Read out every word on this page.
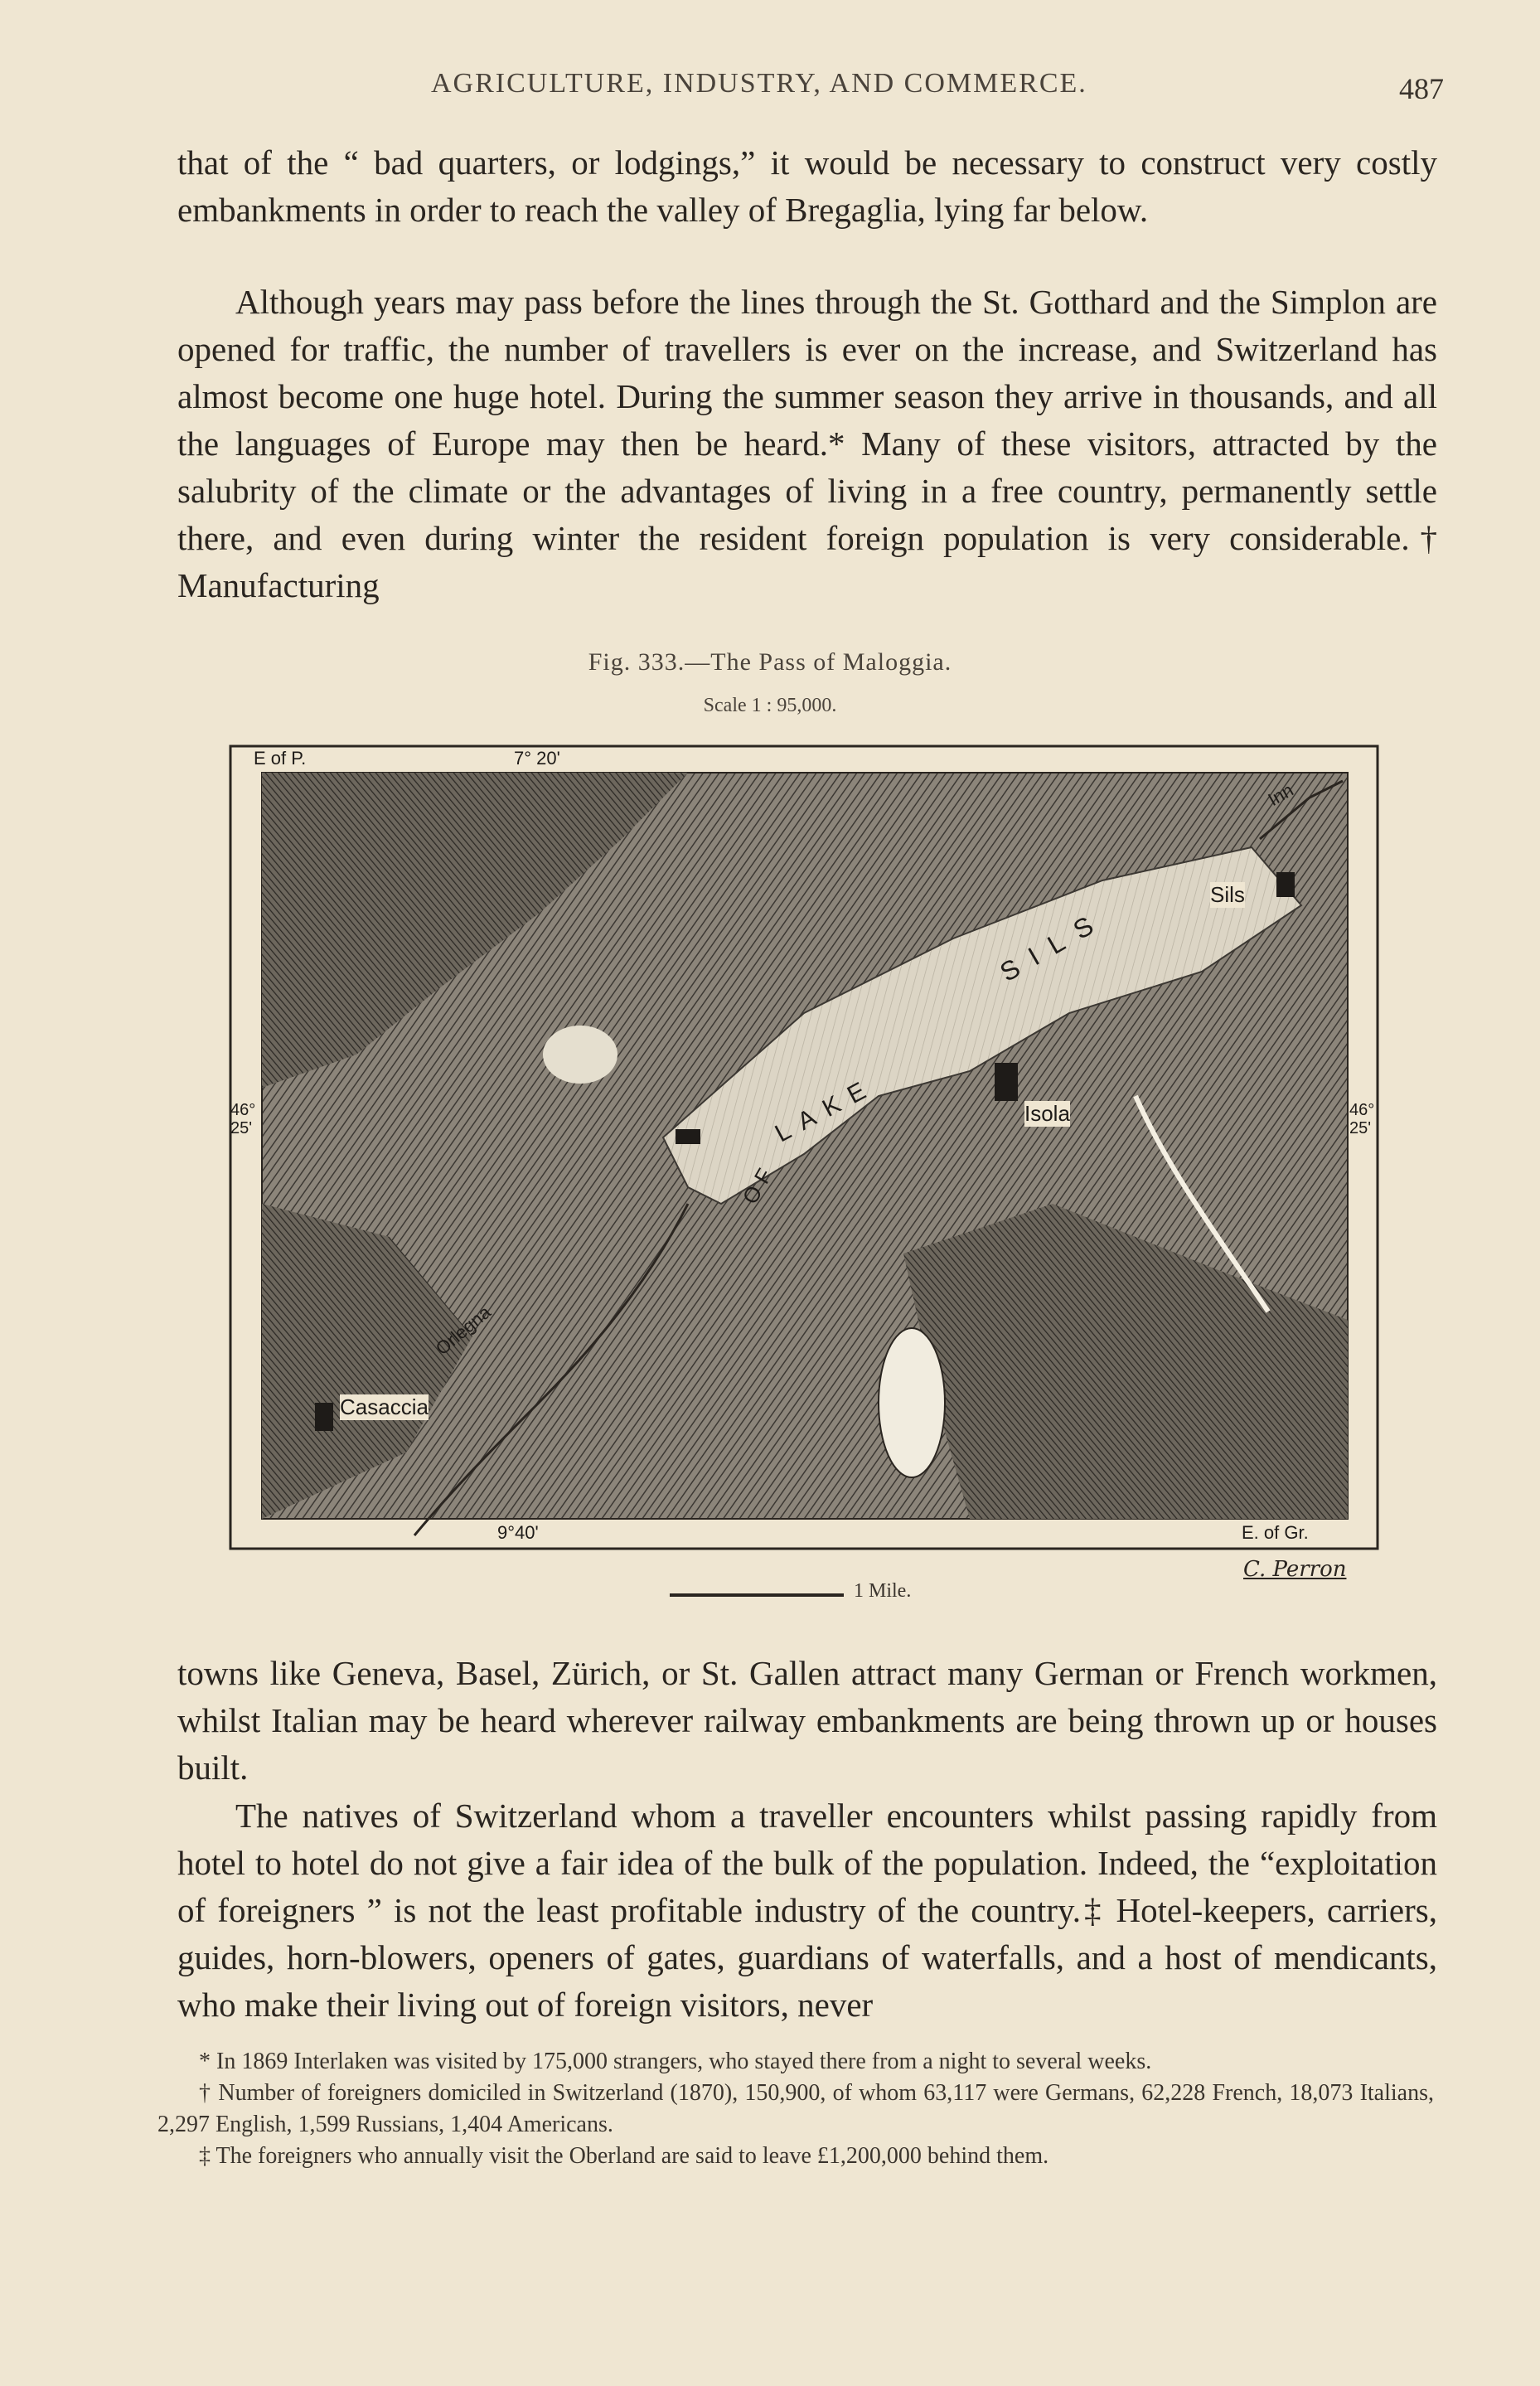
AGRICULTURE, INDUSTRY, AND COMMERCE.	487
that of the “ bad quarters, or lodgings,” it would be necessary to construct very costly embankments in order to reach the valley of Bregaglia, lying far below.
Although years may pass before the lines through the St. Gotthard and the Simplon are opened for traffic, the number of travellers is ever on the increase, and Switzerland has almost become one huge hotel. During the summer season they arrive in thousands, and all the languages of Europe may then be heard.* Many of these visitors, attracted by the salubrity of the climate or the advantages of living in a free country, permanently settle there, and even during winter the resident foreign population is very considerable.† Manufacturing
Fig. 333.—The Pass of Maloggia.
Scale 1 : 95,000.
E of P.	7° 20'
9°40'	E. of Gr.
46°
25'
46°
25'
Inn
Sils
Isola
LAKE
OF
SILS
Casaccia
Orlegna
C. Perron
1 Mile.
towns like Geneva, Basel, Zürich, or St. Gallen attract many German or French workmen, whilst Italian may be heard wherever railway embankments are being thrown up or houses built.
The natives of Switzerland whom a traveller encounters whilst passing rapidly from hotel to hotel do not give a fair idea of the bulk of the population. Indeed, the “exploitation of foreigners ” is not the least profitable industry of the country.‡ Hotel-keepers, carriers, guides, horn-blowers, openers of gates, guardians of waterfalls, and a host of mendicants, who make their living out of foreign visitors, never

* In 1869 Interlaken was visited by 175,000 strangers, who stayed there from a night to several weeks.

† Number of foreigners domiciled in Switzerland (1870), 150,900, of whom 63,117 were Germans, 62,228 French, 18,073 Italians, 2,297 English, 1,599 Russians, 1,404 Americans.

‡ The foreigners who annually visit the Oberland are said to leave £1,200,000 behind them.
